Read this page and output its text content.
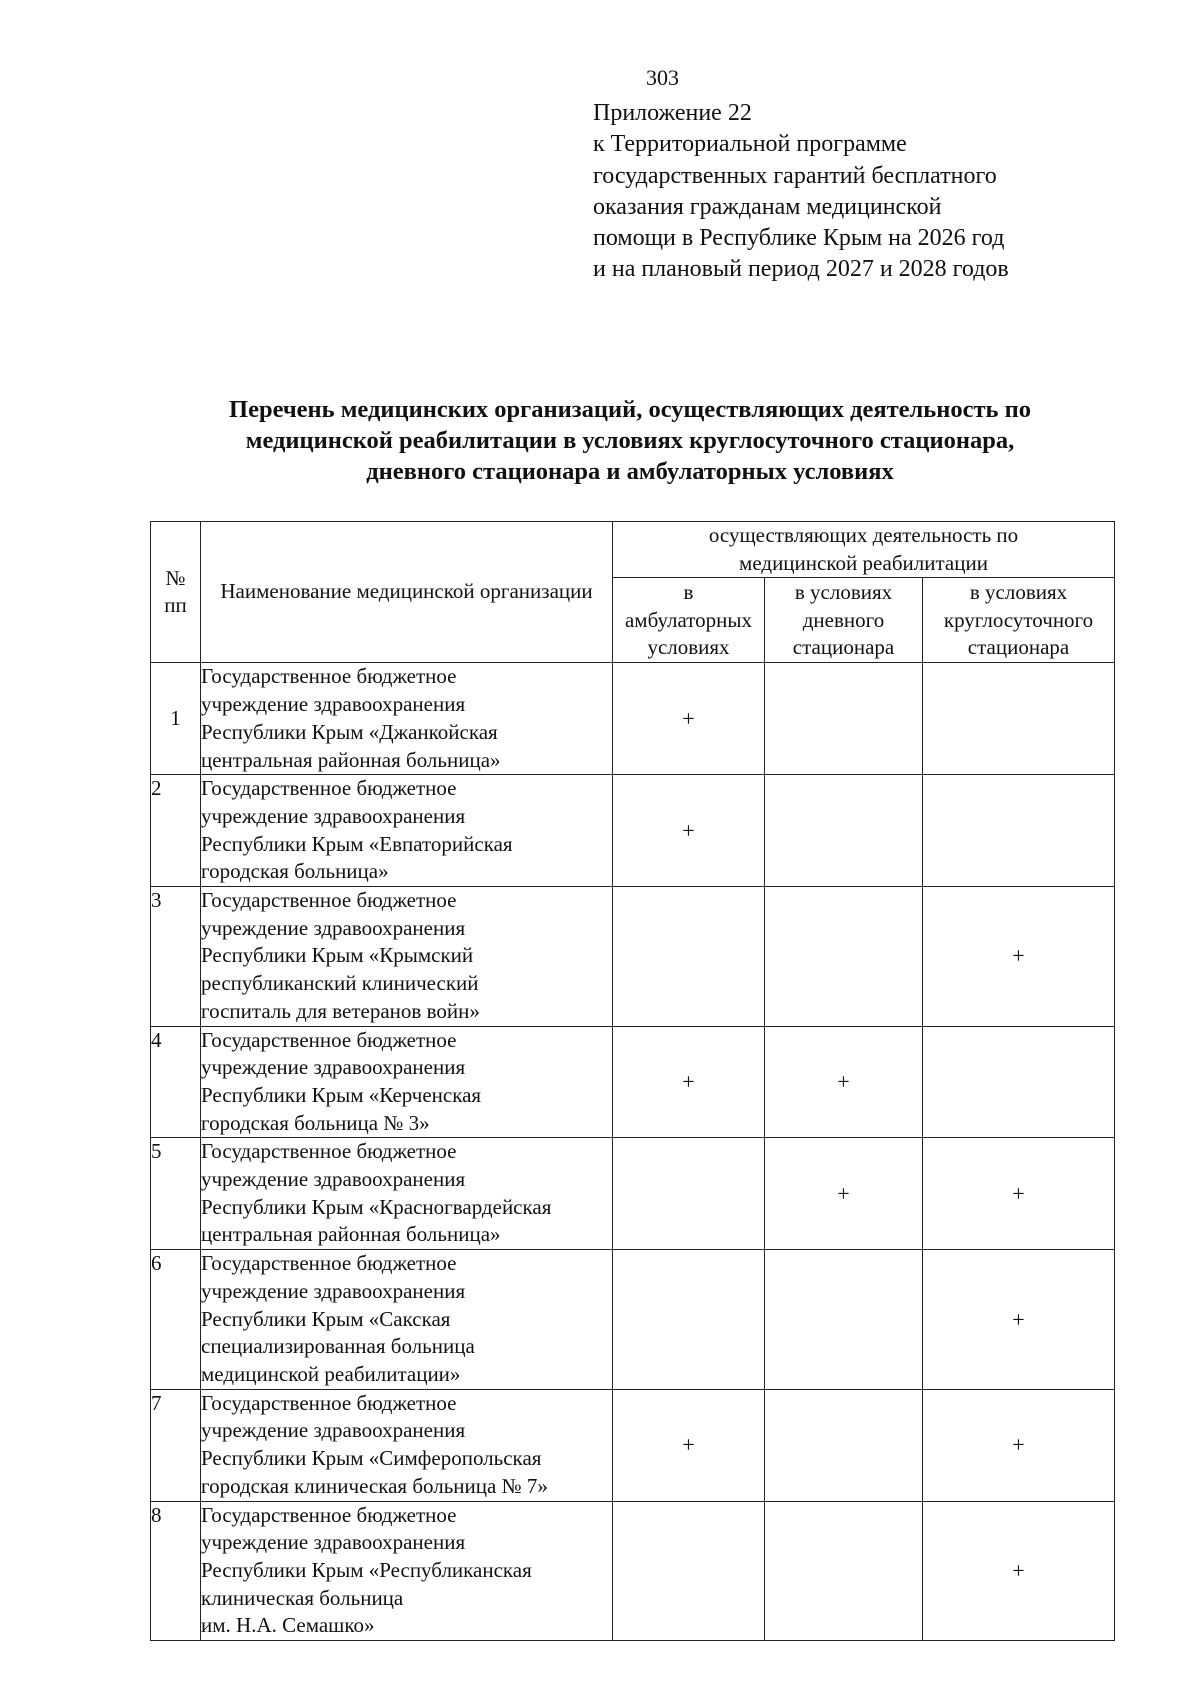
303
Приложение 22
к Территориальной программе
государственных гарантий бесплатного
оказания гражданам медицинской
помощи в Республике Крым на 2026 год
и на плановый период 2027 и 2028 годов
Перечень медицинских организаций, осуществляющих деятельность по
медицинской реабилитации в условиях круглосуточного стационара,
дневного стационара и амбулаторных условиях
№
пп	Наименование медицинской организации	осуществляющих деятельность по
медицинской реабилитации		

		в
амбулаторных
условиях	в условиях
дневного
стационара	в условиях
круглосуточного
стационара

1	Государственное бюджетное
учреждение здравоохранения
Республики Крым «Джанкойская
центральная районная больница»	+		
2	Государственное бюджетное
учреждение здравоохранения
Республики Крым «Евпаторийская
городская больница»	+		
3	Государственное бюджетное
учреждение здравоохранения
Республики Крым «Крымский
республиканский клинический
госпиталь для ветеранов войн»			+
4	Государственное бюджетное
учреждение здравоохранения
Республики Крым «Керченская
городская больница № 3»	+	+	
5	Государственное бюджетное
учреждение здравоохранения
Республики Крым «Красногвардейская
центральная районная больница»		+	+
6	Государственное бюджетное
учреждение здравоохранения
Республики Крым «Сакская
специализированная больница
медицинской реабилитации»			+
7	Государственное бюджетное
учреждение здравоохранения
Республики Крым «Симферопольская
городская клиническая больница № 7»	+		+
8	Государственное бюджетное
учреждение здравоохранения
Республики Крым «Республиканская
клиническая больница
им. Н.А. Семашко»			+
